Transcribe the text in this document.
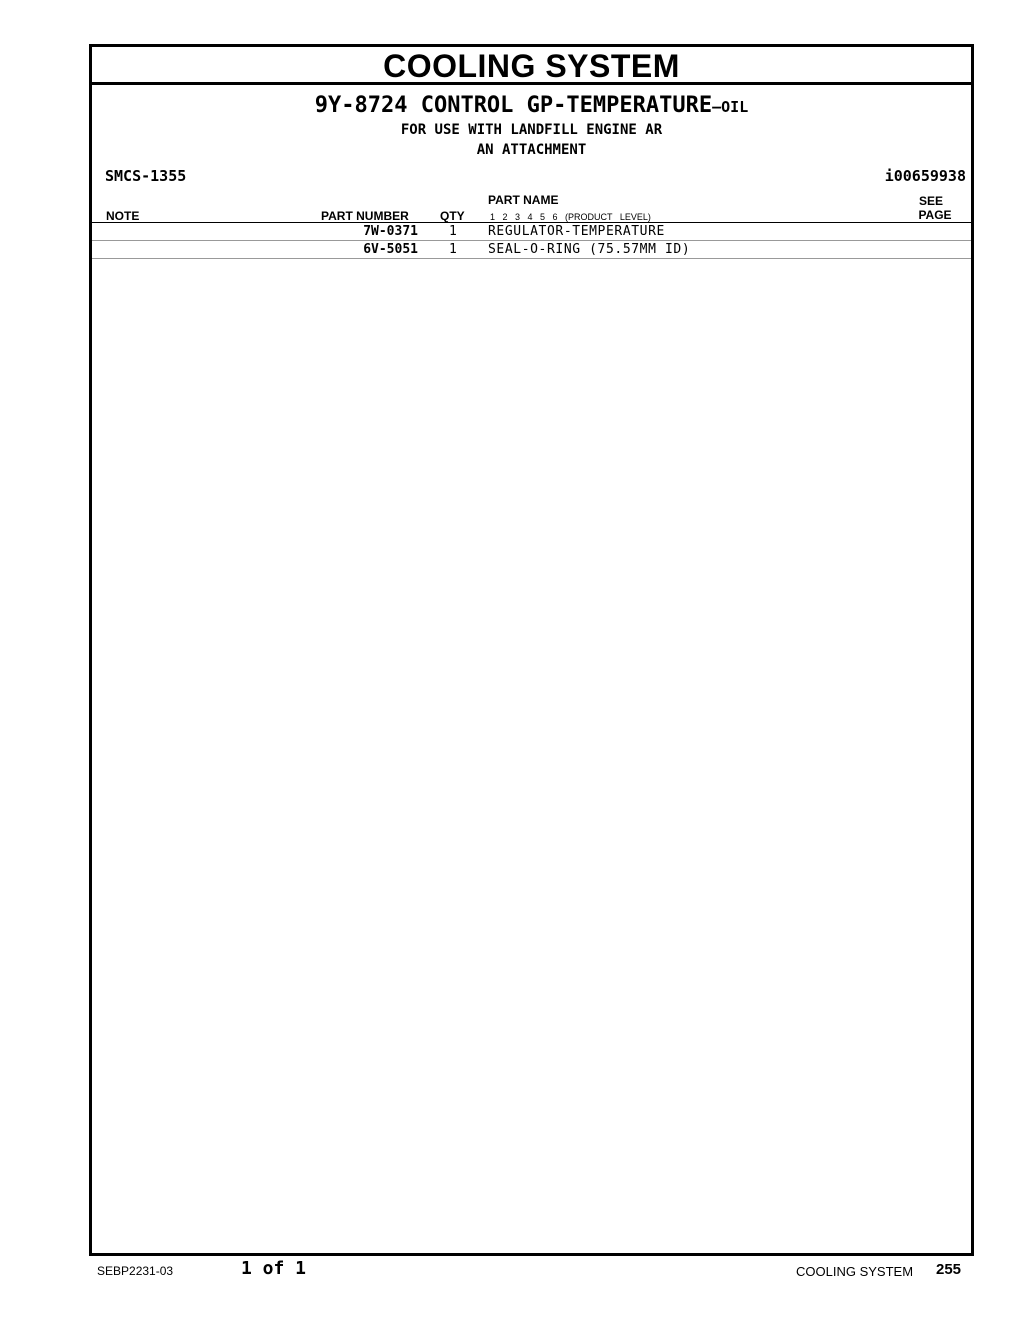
COOLING SYSTEM
9Y-8724 CONTROL GP-TEMPERATURE—OIL
FOR USE WITH LANDFILL ENGINE AR
AN ATTACHMENT
SMCS-1355	i00659938
PART NAME	SEE
PAGE
NOTE	PART NUMBER	QTY	1 2 3 4 5 6 (PRODUCT LEVEL)
7W-0371 1 REGULATOR-TEMPERATURE
6V-5051 1 SEAL-O-RING (75.57MM ID)
SEBP2231-03	1 of 1	COOLING SYSTEM 255
